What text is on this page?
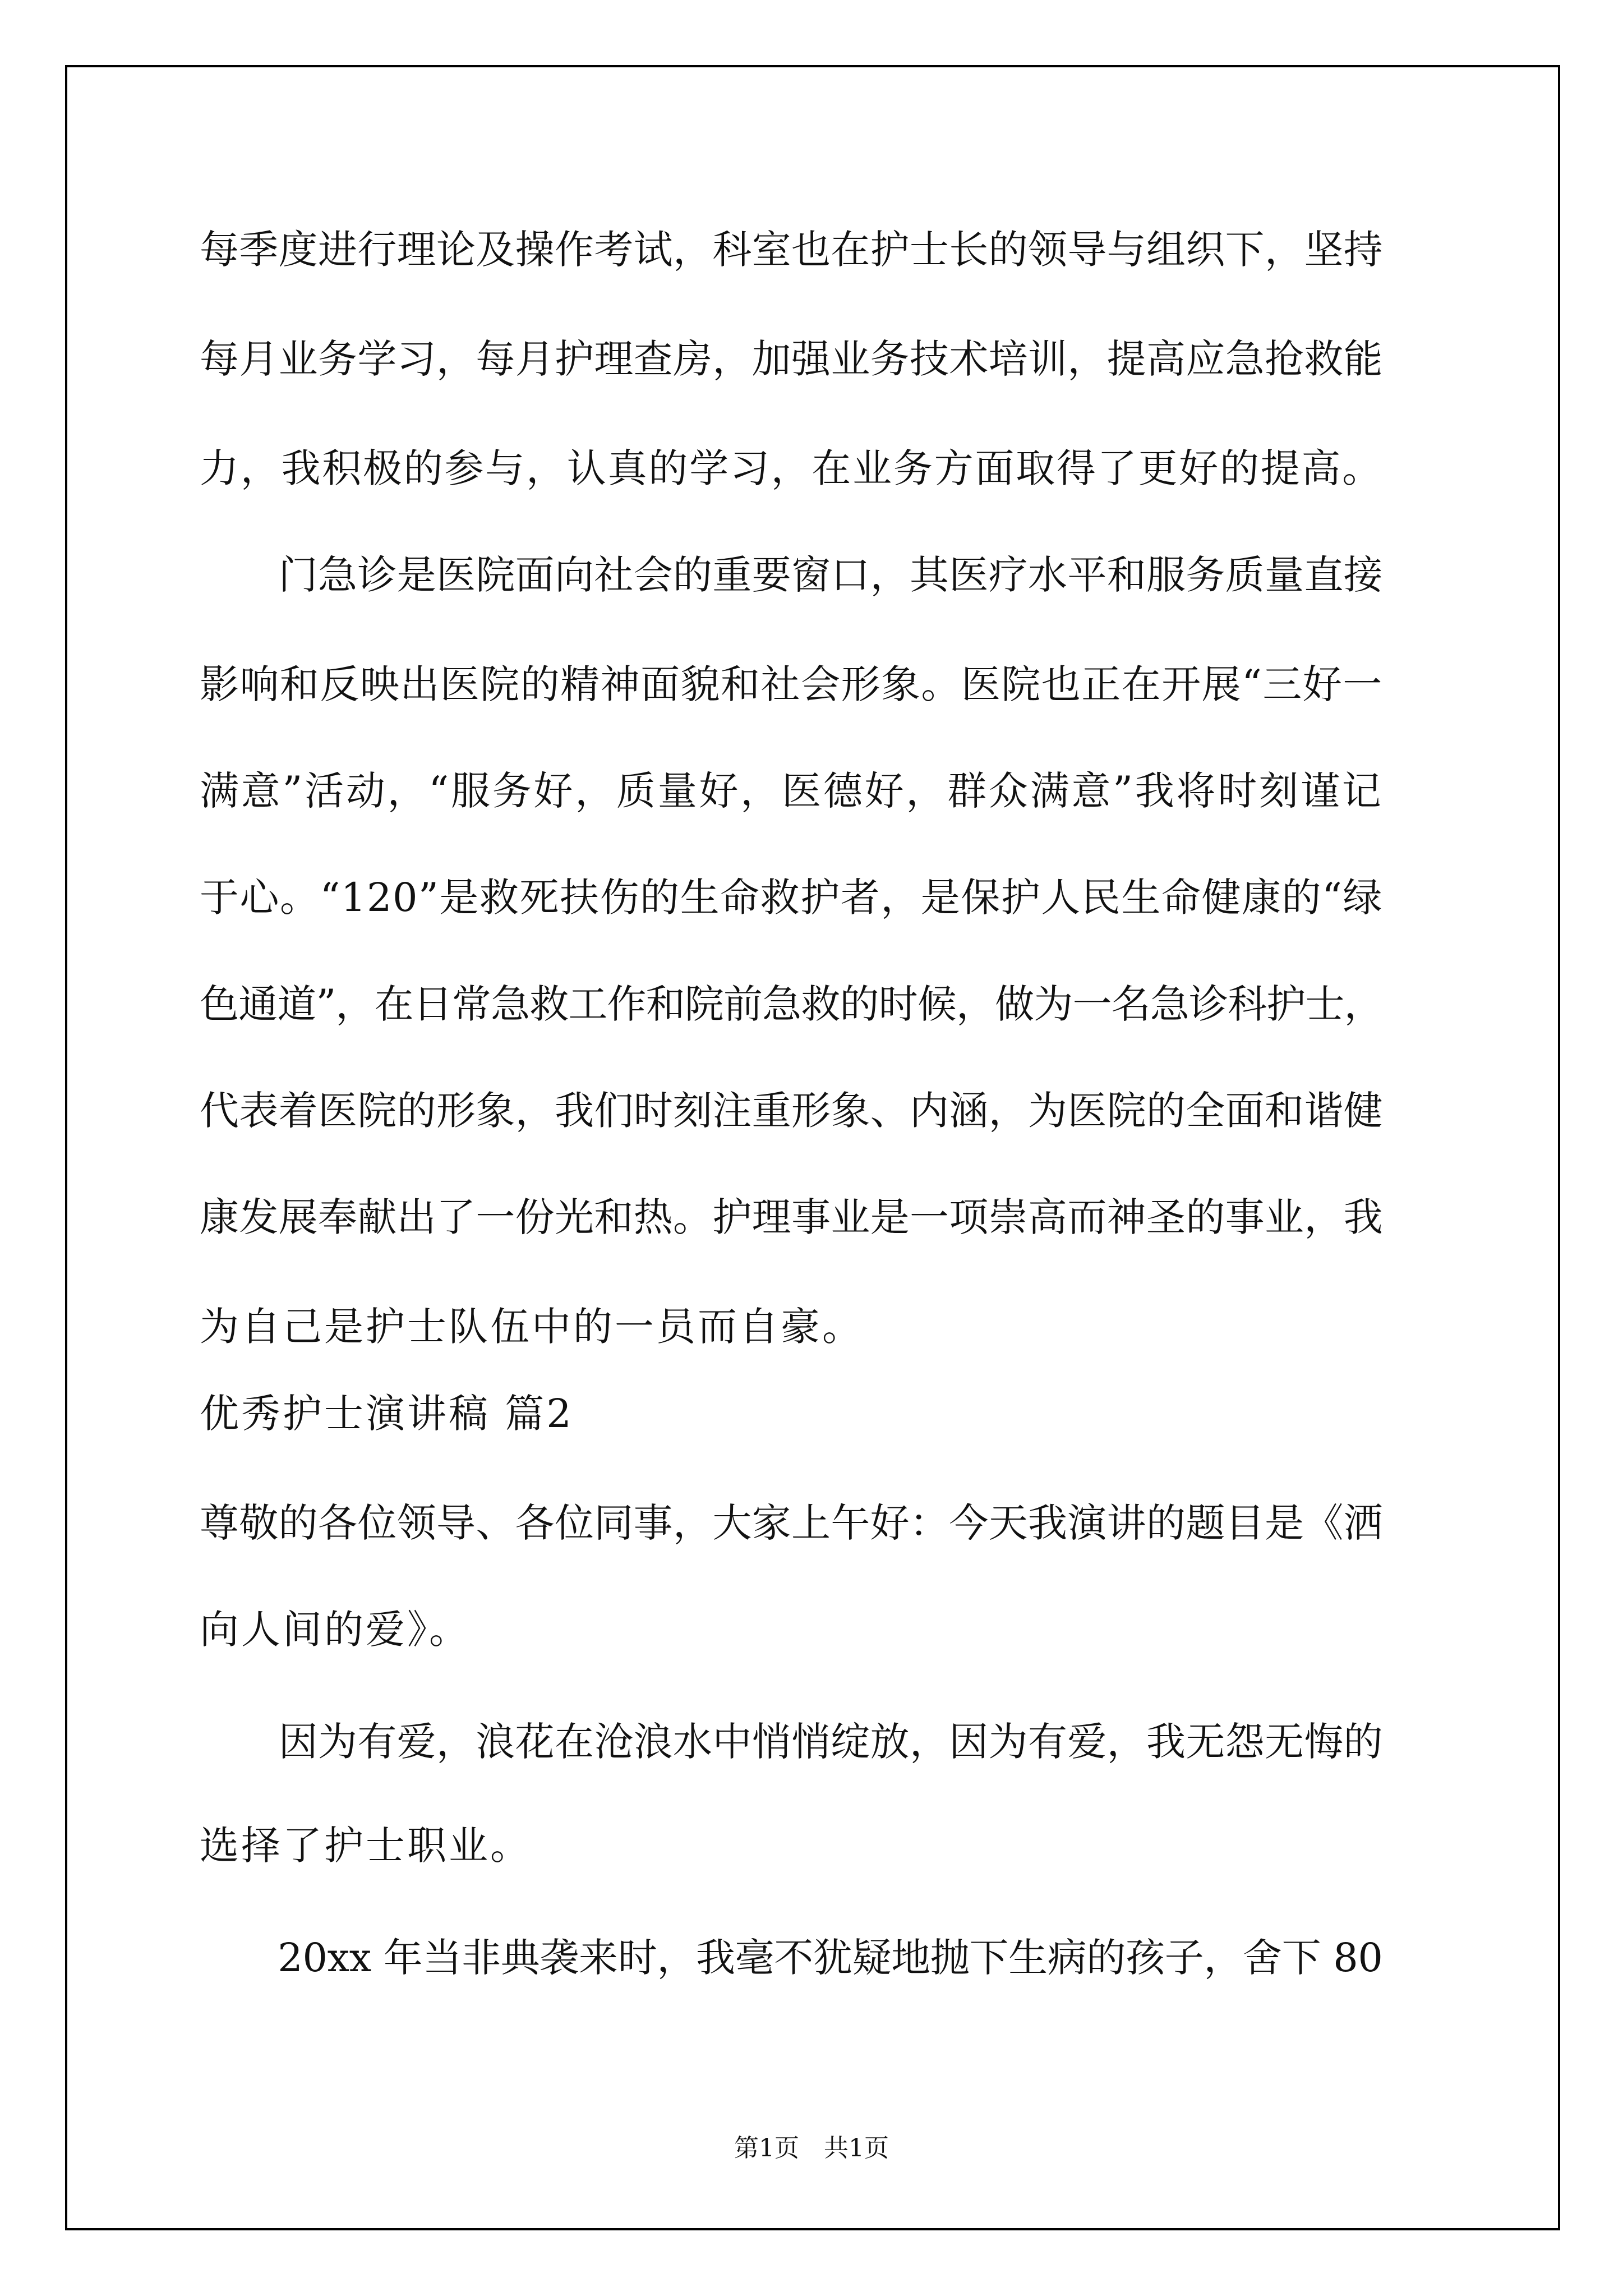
每季度进行理论及操作考试，科室也在护士长的领导与组织下，坚持

每月业务学习，每月护理查房，加强业务技术培训，提高应急抢救能

力，我积极的参与，认真的学习，在业务方面取得了更好的提高。

　　门急诊是医院面向社会的重要窗口，其医疗水平和服务质量直接

影响和反映出医院的精神面貌和社会形象。医院也正在开展“三好一

满意”活动，“服务好，质量好，医德好，群众满意”我将时刻谨记

于心。“120”是救死扶伤的生命救护者，是保护人民生命健康的“绿

色通道”，在日常急救工作和院前急救的时候，做为一名急诊科护士，

代表着医院的形象，我们时刻注重形象、内涵，为医院的全面和谐健

康发展奉献出了一份光和热。护理事业是一项崇高而神圣的事业，我

为自己是护士队伍中的一员而自豪。

优秀护士演讲稿 篇2

尊敬的各位领导、各位同事，大家上午好：今天我演讲的题目是《洒

向人间的爱》。

　　因为有爱，浪花在沧浪水中悄悄绽放，因为有爱，我无怨无悔的

选择了护士职业。

　　20xx 年当非典袭来时，我毫不犹疑地抛下生病的孩子，舍下 80

第1页　共1页
